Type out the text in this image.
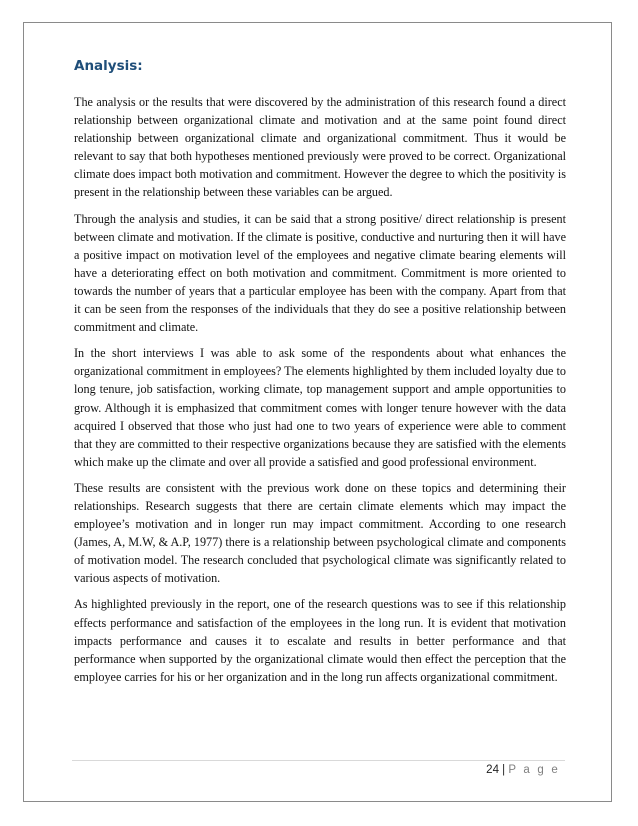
Analysis:

The analysis or the results that were discovered by the administration of this research found a direct relationship between organizational climate and motivation and at the same point found direct relationship between organizational climate and organizational commitment. Thus it would be relevant to say that both hypotheses mentioned previously were proved to be correct. Organizational climate does impact both motivation and commitment. However the degree to which the positivity is present in the relationship between these variables can be argued.

Through the analysis and studies, it can be said that a strong positive/ direct relationship is present between climate and motivation. If the climate is positive, conductive and nurturing then it will have a positive impact on motivation level of the employees and negative climate bearing elements will have a deteriorating effect on both motivation and commitment. Commitment is more oriented to towards the number of years that a particular employee has been with the company. Apart from that it can be seen from the responses of the individuals that they do see a positive relationship between commitment and climate.

In the short interviews I was able to ask some of the respondents about what enhances the organizational commitment in employees? The elements highlighted by them included loyalty due to long tenure, job satisfaction, working climate, top management support and ample opportunities to grow. Although it is emphasized that commitment comes with longer tenure however with the data acquired I observed that those who just had one to two years of experience were able to comment that they are committed to their respective organizations because they are satisfied with the elements which make up the climate and over all provide a satisfied and good professional environment.

These results are consistent with the previous work done on these topics and determining their relationships. Research suggests that there are certain climate elements which may impact the employee’s motivation and in longer run may impact commitment. According to one research (James, A, M.W, & A.P, 1977) there is a relationship between psychological climate and components of motivation model. The research concluded that psychological climate was significantly related to various aspects of motivation.

As highlighted previously in the report, one of the research questions was to see if this relationship effects performance and satisfaction of the employees in the long run. It is evident that motivation impacts performance and causes it to escalate and results in better performance and that performance when supported by the organizational climate would then effect the perception that the employee carries for his or her organization and in the long run affects organizational commitment.

24 | P a g e
